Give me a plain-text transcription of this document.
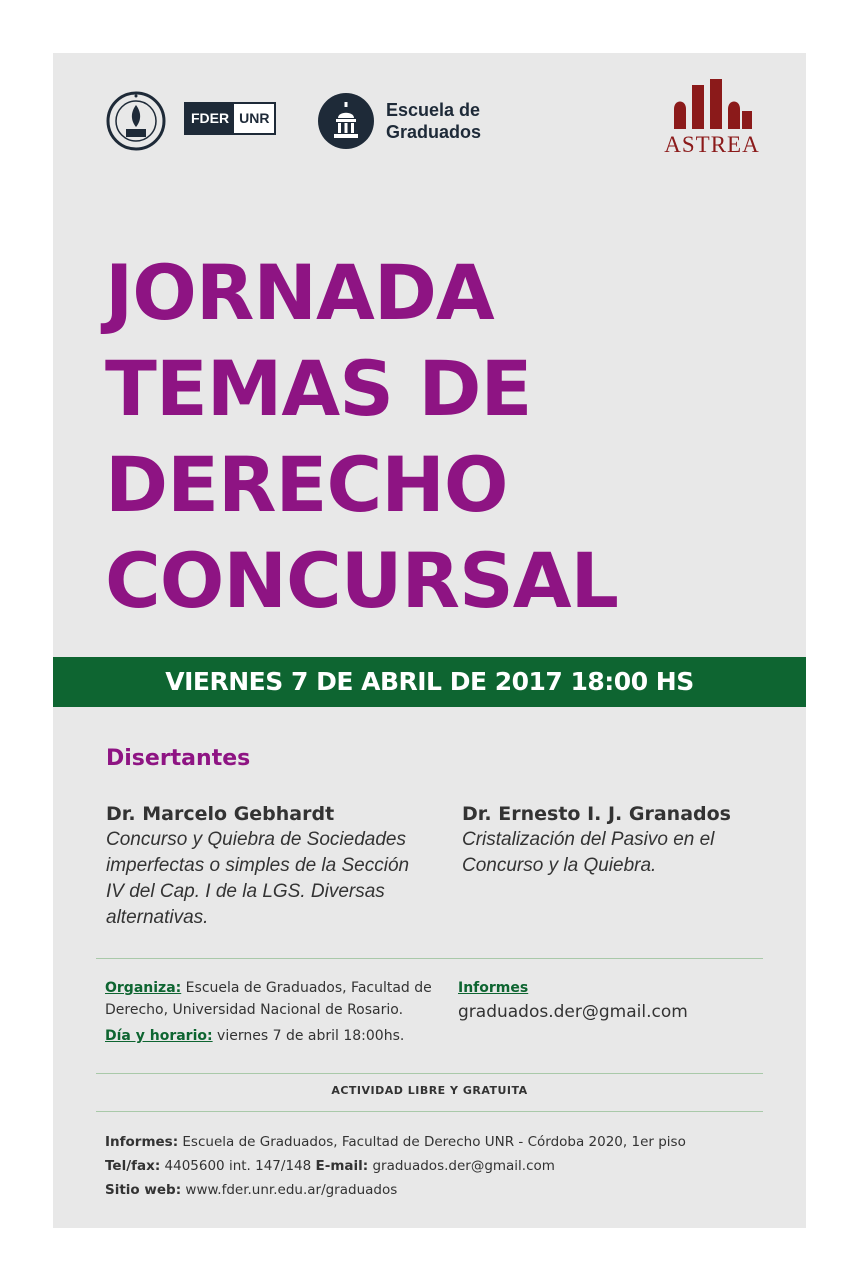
FDER UNR	Escuela de
Graduados	ASTREA
JORNADA
TEMAS DE
DERECHO
CONCURSAL
VIERNES 7 DE ABRIL DE 2017 18:00 HS
Disertantes
Dr. Marcelo Gebhardt
Concurso y Quiebra de Sociedades imperfectas o simples de la Sección IV del Cap. I de la LGS. Diversas alternativas.
Dr. Ernesto I. J. Granados
Cristalización del Pasivo en el Concurso y la Quiebra.
Organiza: Escuela de Graduados, Facultad de Derecho, Universidad Nacional de Rosario.
Día y horario: viernes 7 de abril 18:00hs.
Informes
graduados.der@gmail.com
ACTIVIDAD LIBRE Y GRATUITA
Informes: Escuela de Graduados, Facultad de Derecho UNR - Córdoba 2020, 1er piso
Tel/fax: 4405600 int. 147/148 E-mail: graduados.der@gmail.com
Sitio web: www.fder.unr.edu.ar/graduados
